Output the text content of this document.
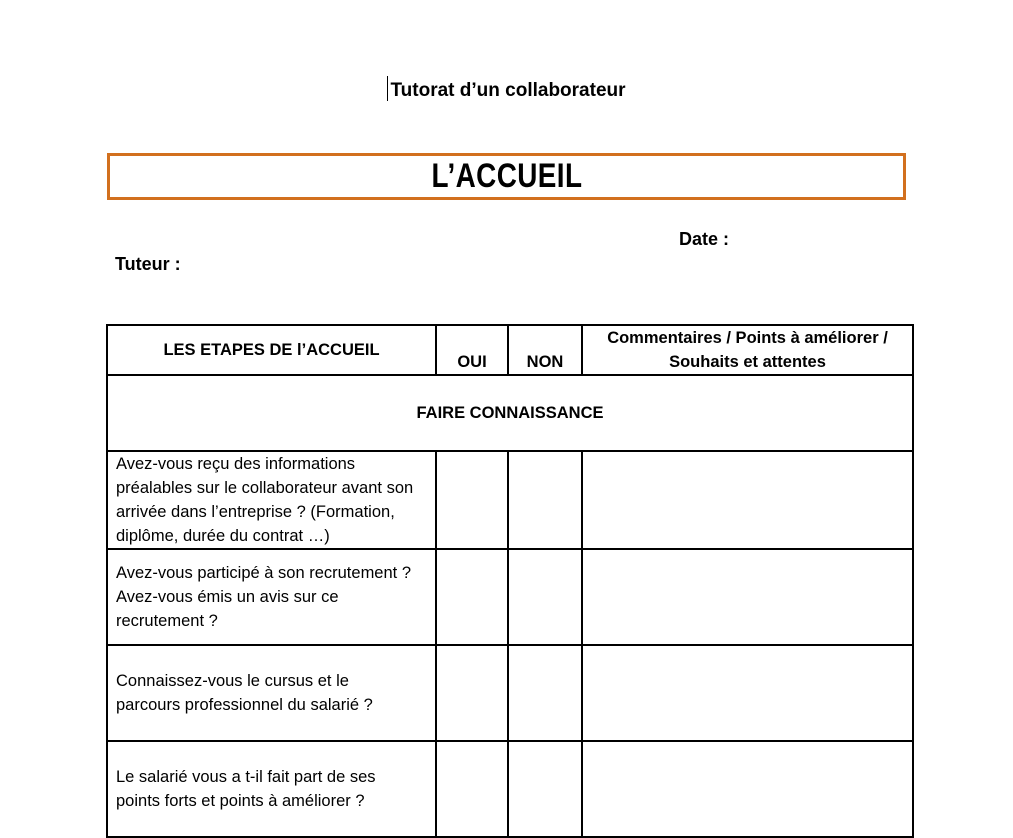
Tutorat d’un collaborateur
L’ACCUEIL
Date :
Tuteur :
LES ETAPES DE l’ACCUEIL	OUI	NON	Commentaires / Points à améliorer /
Souhaits et attentes

FAIRE CONNAISSANCE			

Avez-vous reçu des informations
préalables sur le collaborateur avant son
arrivée dans l’entreprise ? (Formation,
diplôme, durée du contrat …)			

Avez-vous participé à son recrutement ?
Avez-vous émis un avis sur ce
recrutement ?			

Connaissez-vous le cursus et le
parcours professionnel du salarié ?			

Le salarié vous a t-il fait part de ses
points forts et points à améliorer ?			
